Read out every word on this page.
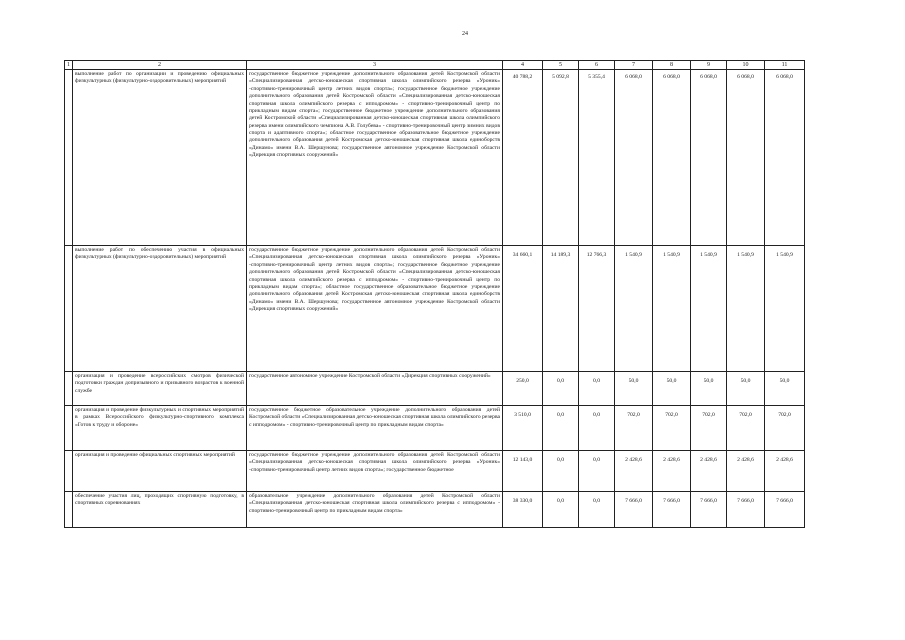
24
1	2	3	4	5	6	7	8	9	10	11
	выполнение работ по организации и проведению официальных физкультурных (физкультурно-оздоровительных) мероприятий	государственное бюджетное учреждение дополнительного образования детей Костромской области «Специализированная детско-юношеская спортивная школа олимпийского резерва «Уроник» -спортивно-тренировочный центр летних видов спорта»; государственное бюджетное учреждение дополнительного образования детей Костромской области «Специализированная детско-юношеская спортивная школа олимпийского резерва с ипподромом» - спортивно-тренировочный центр по прикладным видам спорта»; государственное бюджетное учреждение дополнительного образования детей Костромской области «Специализированная детско-юношеская спортивная школа олимпийского резерва имени олимпийского чемпиона А.В. Голубева» - спортивно-тренировочный центр зимних видов спорта и адаптивного спорта»; областное государственное образовательное бюджетное учреждение дополнительного образования детей Костромская детско-юношеская спортивная школа единоборств «Динамо» имени В.А. Шершунова; государственное автономное учреждение Костромской области «Дирекция спортивных сооружений»	40 788,2	5 092,8	5 355,4	6 068,0	6 068,0	6 068,0	6 068,0	6 068,0
	выполнение работ по обеспечению участия в официальных физкультурных (физкультурно-оздоровительных) мероприятий	государственное бюджетное учреждение дополнительного образования детей Костромской области «Специализированная детско-юношеская спортивная школа олимпийского резерва «Уроник» -спортивно-тренировочный центр летних видов спорта»; государственное бюджетное учреждение дополнительного образования детей Костромской области «Специализированная детско-юношеская спортивная школа олимпийского резерва с ипподромом» - спортивно-тренировочный центр по прикладным видам спорта»; областное государственное образовательное бюджетное учреждение дополнительного образования детей Костромская детско-юношеская спортивная школа единоборств «Динамо» имени В.А. Шершунова; государственное автономное учреждение Костромской области «Дирекция спортивных сооружений»	34 660,1	14 189,3	12 766,3	1 540,9	1 540,9	1 540,9	1 540,9	1 540,9
	организация и проведение всероссийских смотров физической подготовки граждан допризывного и призывного возрастов к военной службе	государственное автономное учреждение Костромской области «Дирекция спортивных сооружений»	250,0	0,0	0,0	50,0	50,0	50,0	50,0	50,0
	организация и проведение физкультурных и спортивных мероприятий в рамках Всероссийского физкультурно-спортивного комплекса «Готов к труду и обороне»	государственное бюджетное образовательное учреждение дополнительного образования детей Костромской области «Специализированная детско-юношеская спортивная школа олимпийского резерва с ипподромом» - спортивно-тренировочный центр по прикладным видам спорта»	3 510,0	0,0	0,0	702,0	702,0	702,0	702,0	702,0
	организация и проведение официальных спортивных мероприятий	государственное бюджетное учреждение дополнительного образования детей Костромской области «Специализированная детско-юношеская спортивная школа олимпийского резерва «Уроник» -спортивно-тренировочный центр летних видов спорта»; государственное бюджетное	12 143,0	0,0	0,0	2 428,6	2 428,6	2 428,6	2 428,6	2 428,6
	обеспечение участия лиц, проходящих спортивную подготовку, в спортивных соревнованиях	образовательное учреждение дополнительного образования детей Костромской области «Специализированная детско-юношеская спортивная школа олимпийского резерва с ипподромом» - спортивно-тренировочный центр по прикладным видам спорта»	38 330,0	0,0	0,0	7 666,0	7 666,0	7 666,0	7 666,0	7 666,0
